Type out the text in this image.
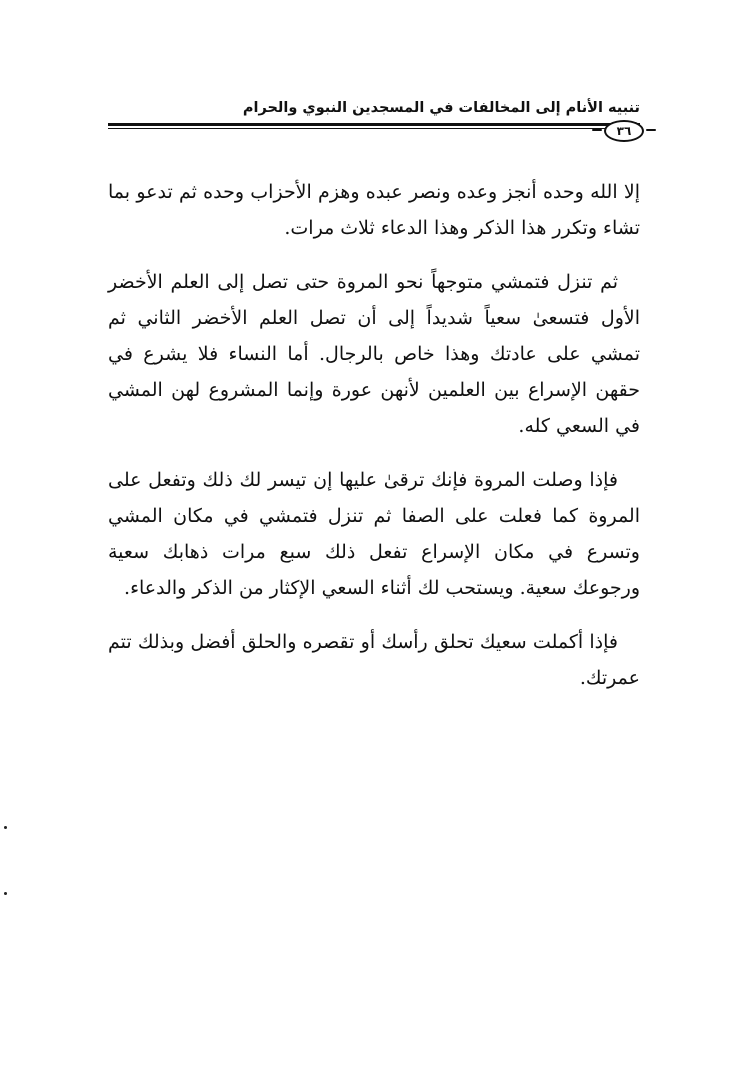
تنبيه الأنام إلى المخالفات في المسجدين النبوي والحرام
٣٦

إلا الله وحده أنجز وعده ونصر عبده وهزم الأحزاب وحده ثم تدعو بما تشاء وتكرر هذا الذكر وهذا الدعاء ثلاث مرات.

ثم تنزل فتمشي متوجهاً نحو المروة حتى تصل إلى العلم الأخضر الأول فتسعىٰ سعياً شديداً إلى أن تصل العلم الأخضر الثاني ثم تمشي على عادتك وهذا خاص بالرجال. أما النساء فلا يشرع في حقهن الإسراع بين العلمين لأنهن عورة وإنما المشروع لهن المشي في السعي كله.

فإذا وصلت المروة فإنك ترقىٰ عليها إن تيسر لك ذلك وتفعل على المروة كما فعلت على الصفا ثم تنزل فتمشي في مكان المشي وتسرع في مكان الإسراع تفعل ذلك سبع مرات ذهابك سعية ورجوعك سعية. ويستحب لك أثناء السعي الإكثار من الذكر والدعاء.

فإذا أكملت سعيك تحلق رأسك أو تقصره والحلق أفضل وبذلك تتم عمرتك.
